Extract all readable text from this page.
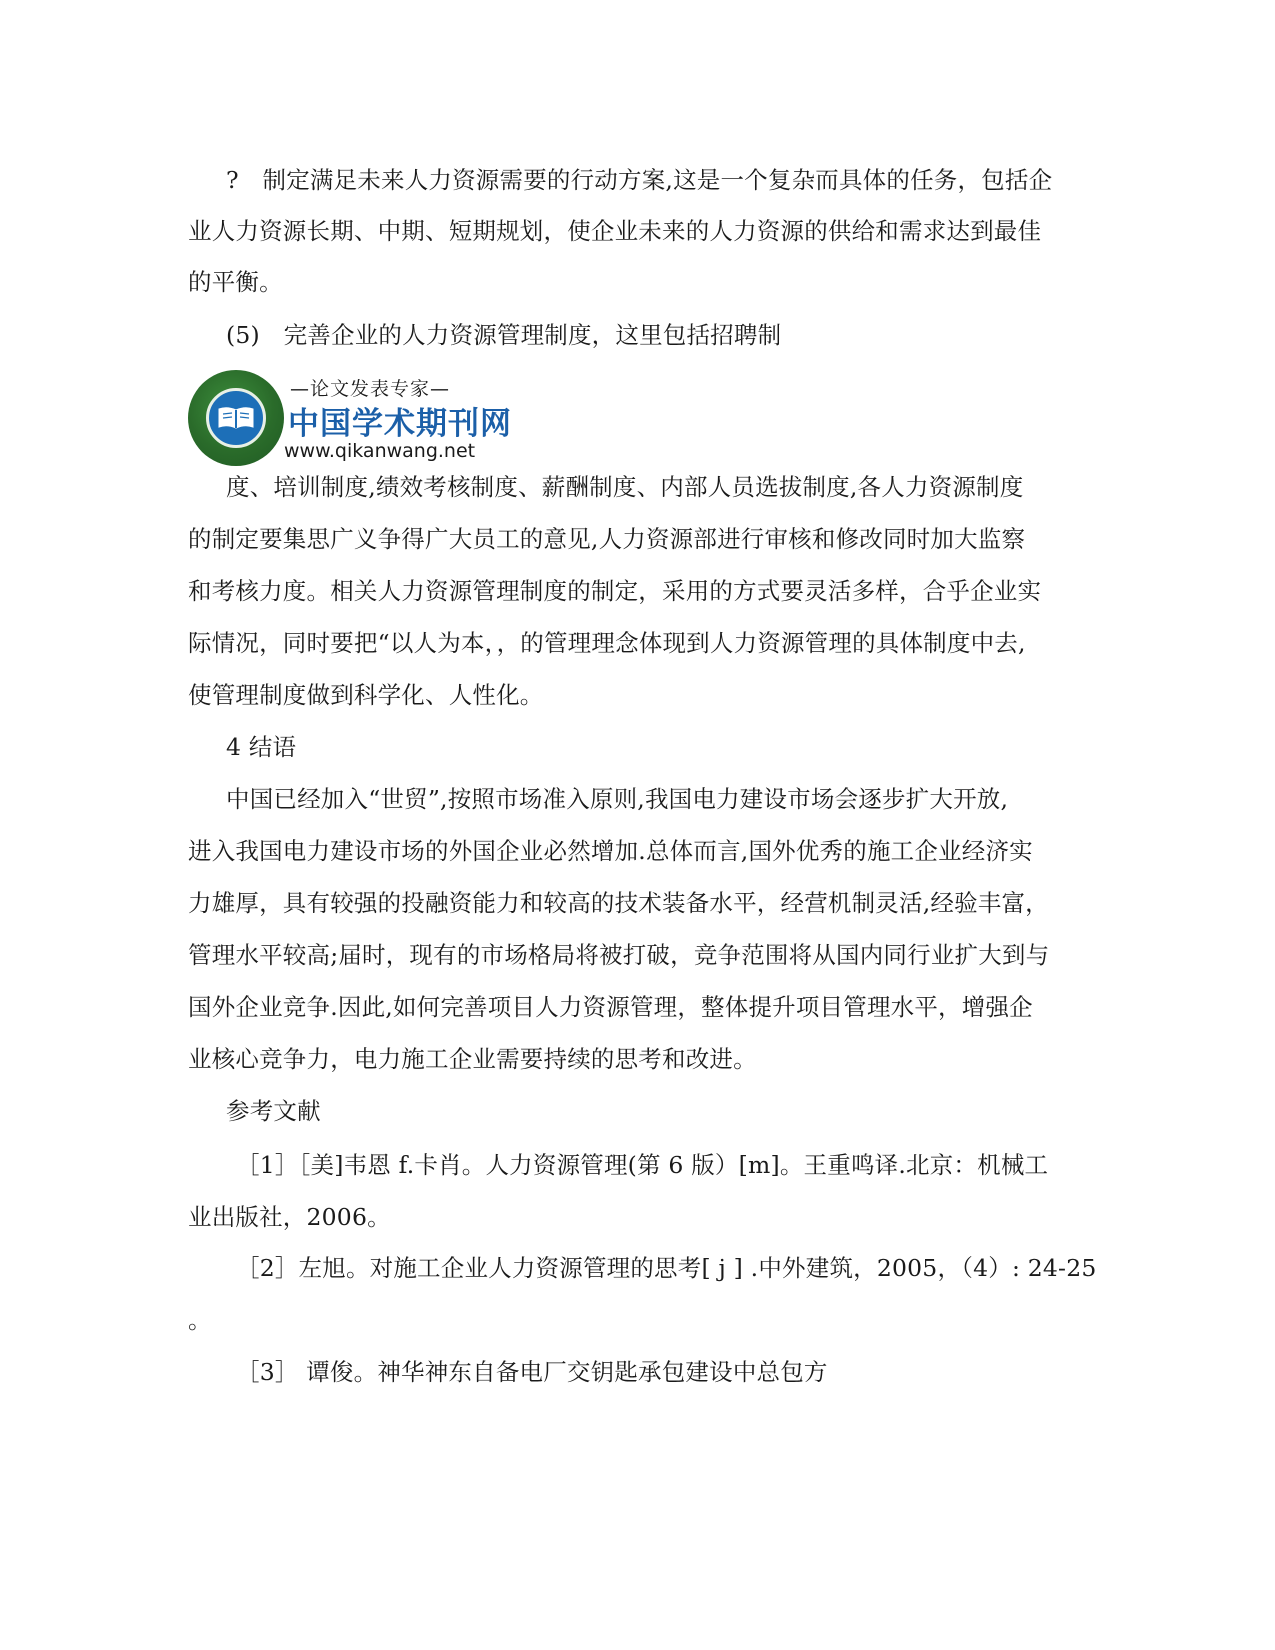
?　制定满足未来人力资源需要的行动方案,这是一个复杂而具体的任务，包括企
业人力资源长期、中期、短期规划，使企业未来的人力资源的供给和需求达到最佳
的平衡。
(5)　完善企业的人力资源管理制度，这里包括招聘制
—论文发表专家—
中国学术期刊网
www.qikanwang.net
度、培训制度,绩效考核制度、薪酬制度、内部人员选拔制度,各人力资源制度
的制定要集思广义争得广大员工的意见,人力资源部进行审核和修改同时加大监察
和考核力度。相关人力资源管理制度的制定，采用的方式要灵活多样，合乎企业实
际情况，同时要把“以人为本，，的管理理念体现到人力资源管理的具体制度中去,
使管理制度做到科学化、人性化。
4 结语
中国已经加入“世贸”,按照市场准入原则,我国电力建设市场会逐步扩大开放,
进入我国电力建设市场的外国企业必然增加.总体而言,国外优秀的施工企业经济实
力雄厚，具有较强的投融资能力和较高的技术装备水平，经营机制灵活,经验丰富，
管理水平较高;届时，现有的市场格局将被打破，竞争范围将从国内同行业扩大到与
国外企业竞争.因此,如何完善项目人力资源管理，整体提升项目管理水平，增强企
业核心竞争力，电力施工企业需要持续的思考和改进。
参考文献
［1］［美]韦恩 f.卡肖。人力资源管理(第 6 版）[m]。王重鸣译.北京：机械工
业出版社，2006。
［2］左旭。对施工企业人力资源管理的思考[ j ] .中外建筑，2005，（4）: 24-25
。
［3］ 谭俊。神华神东自备电厂交钥匙承包建设中总包方
